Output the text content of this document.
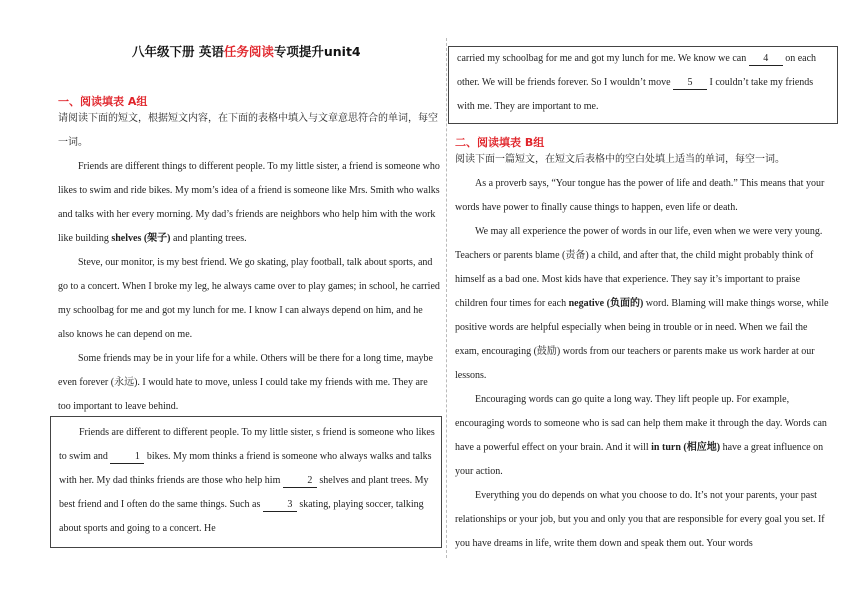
八年级下册 英语任务阅读专项提升unit4
一、阅读填表 A组

请阅读下面的短文，根据短文内容，在下面的表格中填入与文章意思符合的单词，每空一词。

Friends are different things to different people. To my little sister, a friend is someone who likes to swim and ride bikes. My mom’s idea of a friend is someone like Mrs. Smith who walks and talks with her every morning. My dad’s friends are neighbors who help him with the work like building shelves (架子) and planting trees.

Steve, our monitor, is my best friend. We go skating, play football, talk about sports, and go to a concert. When I broke my leg, he always came over to play games; in school, he carried my schoolbag for me and got my lunch for me. I know I can always depend on him, and he also knows he can depend on me.

Some friends may be in your life for a while. Others will be there for a long time, maybe even forever (永远). I would hate to move, unless I could take my friends with me. They are too important to leave behind.

Friends are different to different people. To my little sister, s friend is someone who likes to swim and 1 bikes. My mom thinks a friend is someone who always walks and talks with her. My dad thinks friends are those who help him 2 shelves and plant trees. My best friend and I often do the same things. Such as 3 skating, playing soccer, talking about sports and going to a concert. He

carried my schoolbag for me and got my lunch for me. We know we can 4 on each other. We will be friends forever. So I wouldn’t move 5 I couldn’t take my friends with me. They are important to me.

二、阅读填表 B组

阅读下面一篇短文，在短文后表格中的空白处填上适当的单词，每空一词。

As a proverb says, “Your tongue has the power of life and death.” This means that your words have power to finally cause things to happen, even life or death.

We may all experience the power of words in our life, even when we were very young. Teachers or parents blame (责备) a child, and after that, the child might probably think of himself as a bad one. Most kids have that experience. They say it’s important to praise children four times for each negative (负面的) word. Blaming will make things worse, while positive words are helpful especially when being in trouble or in need. When we fail the exam, encouraging (鼓励) words from our teachers or parents make us work harder at our lessons.

Encouraging words can go quite a long way. They lift people up. For example, encouraging words to someone who is sad can help them make it through the day. Words can have a powerful effect on your brain. And it will in turn (相应地) have a great influence on your action.

Everything you do depends on what you choose to do. It’s not your parents, your past relationships or your job, but you and only you that are responsible for every goal you set. If you have dreams in life, write them down and speak them out. Your words
